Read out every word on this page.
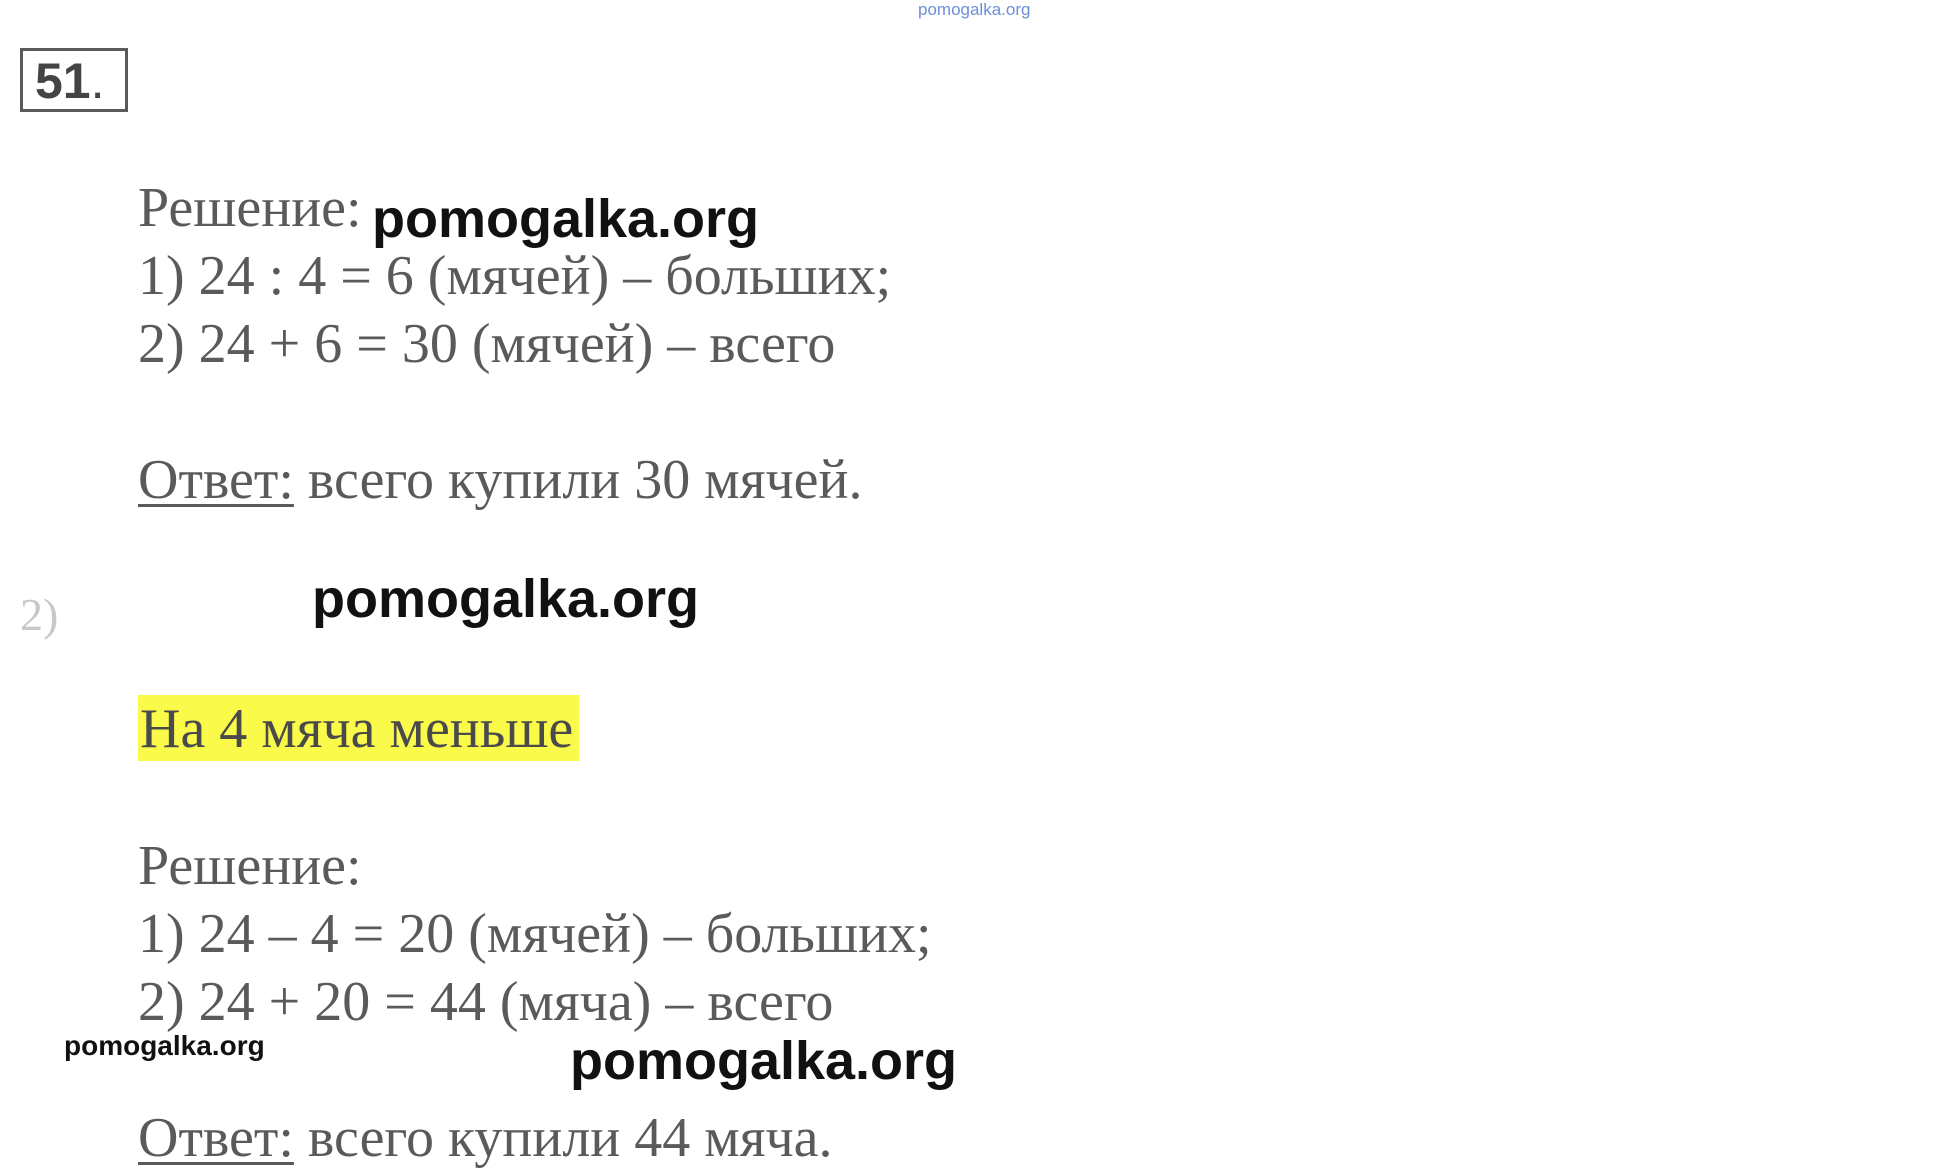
pomogalka.org
51.
Решение: pomogalka.org
1) 24 : 4 = 6 (мячей) – больших;
2) 24 + 6 = 30 (мячей) – всего
Ответ: всего купили 30 мячей.
2)	pomogalka.org
На 4 мяча меньше
Решение:
1) 24 – 4 = 20 (мячей) – больших;
2) 24 + 20 = 44 (мяча) – всего
pomogalka.org	pomogalka.org
Ответ: всего купили 44 мяча.
